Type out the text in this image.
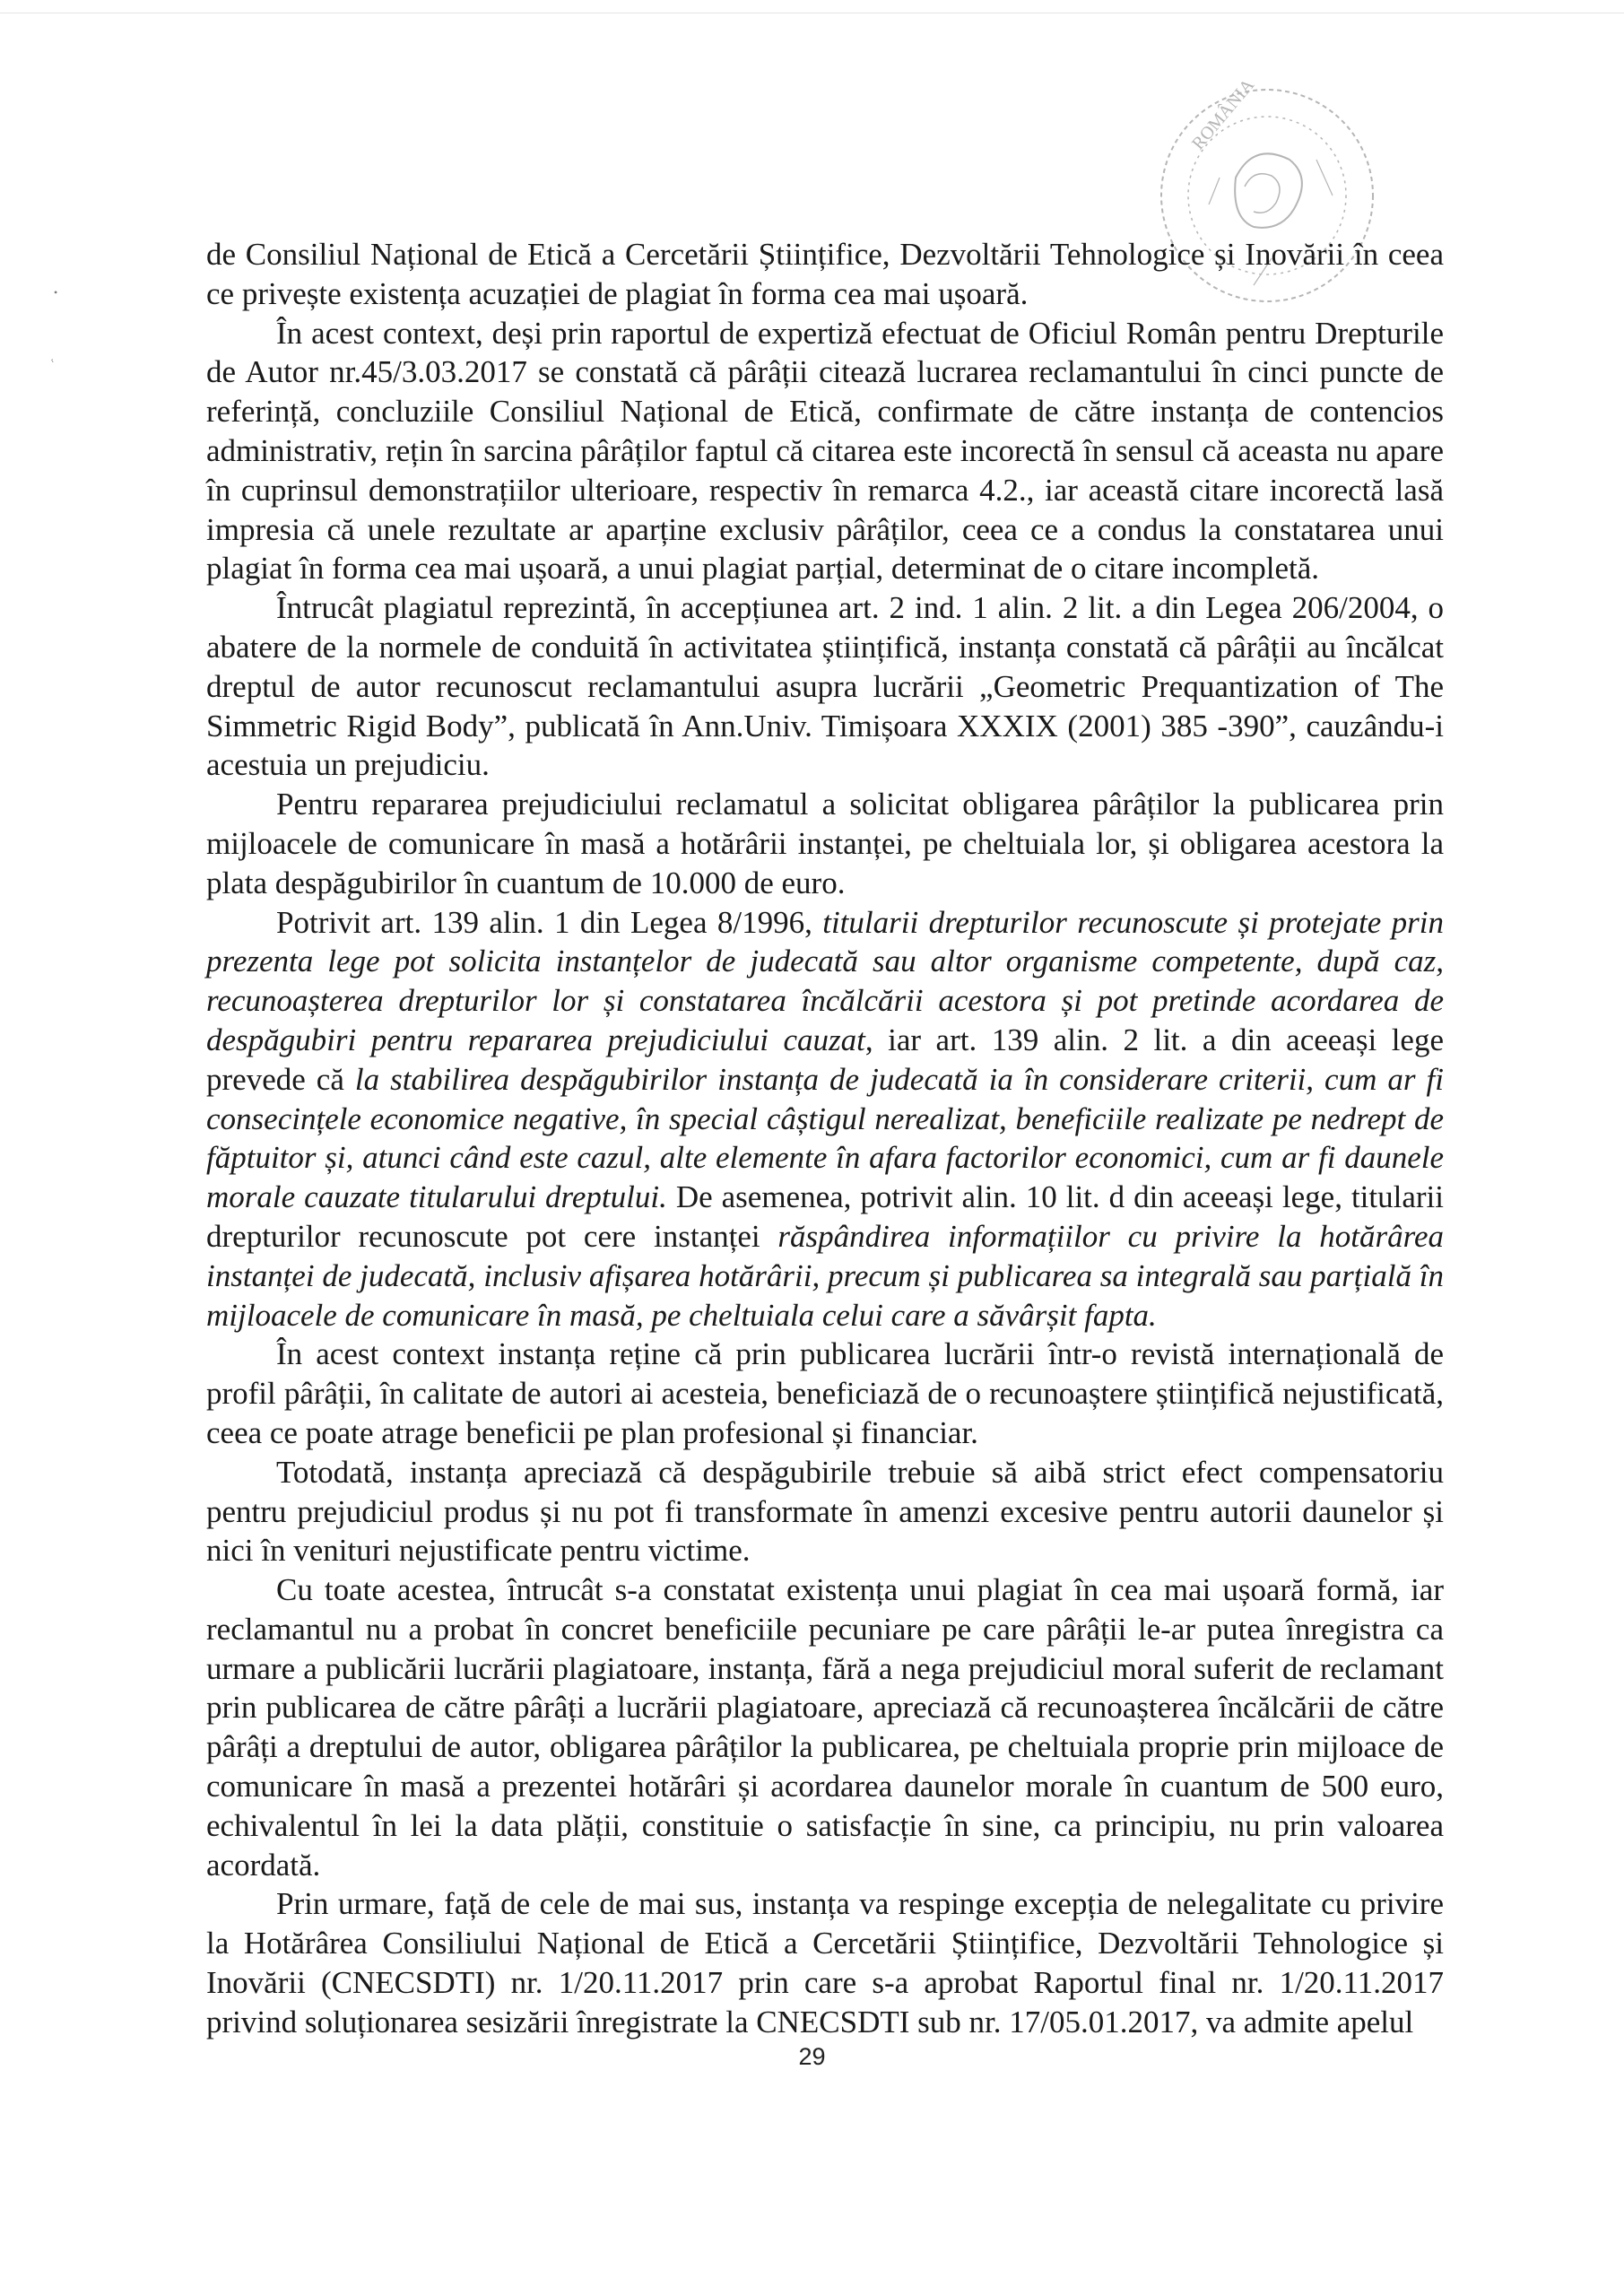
•
ʳ
ROMÂNIA

de Consiliul Național de Etică a Cercetării Științifice, Dezvoltării Tehnologice și Inovării în ceea ce privește existența acuzației de plagiat în forma cea mai ușoară.

În acest context, deși prin raportul de expertiză efectuat de Oficiul Român pentru Drepturile de Autor nr.45/3.03.2017 se constată că pârâții citează lucrarea reclamantului în cinci puncte de referință, concluziile Consiliul Național de Etică, confirmate de către instanța de contencios administrativ, rețin în sarcina pârâților faptul că citarea este incorectă în sensul că aceasta nu apare în cuprinsul demonstrațiilor ulterioare, respectiv în remarca 4.2., iar această citare incorectă lasă impresia că unele rezultate ar aparține exclusiv pârâților, ceea ce a condus la constatarea unui plagiat în forma cea mai ușoară, a unui plagiat parțial, determinat de o citare incompletă.

Întrucât plagiatul reprezintă, în accepțiunea art. 2 ind. 1 alin. 2 lit. a din Legea 206/2004, o abatere de la normele de conduită în activitatea științifică, instanța constată că pârâții au încălcat dreptul de autor recunoscut reclamantului asupra lucrării „Geometric Prequantization of The Simmetric Rigid Body”, publicată în Ann.Univ. Timișoara XXXIX (2001) 385 -390”, cauzându-i acestuia un prejudiciu.

Pentru repararea prejudiciului reclamatul a solicitat obligarea pârâților la publicarea prin mijloacele de comunicare în masă a hotărârii instanței, pe cheltuiala lor, și obligarea acestora la plata despăgubirilor în cuantum de 10.000 de euro.

Potrivit art. 139 alin. 1 din Legea 8/1996, titularii drepturilor recunoscute și protejate prin prezenta lege pot solicita instanțelor de judecată sau altor organisme competente, după caz, recunoașterea drepturilor lor și constatarea încălcării acestora și pot pretinde acordarea de despăgubiri pentru repararea prejudiciului cauzat, iar art. 139 alin. 2 lit. a din aceeași lege prevede că la stabilirea despăgubirilor instanța de judecată ia în considerare criterii, cum ar fi consecințele economice negative, în special câștigul nerealizat, beneficiile realizate pe nedrept de făptuitor și, atunci când este cazul, alte elemente în afara factorilor economici, cum ar fi daunele morale cauzate titularului dreptului. De asemenea, potrivit alin. 10 lit. d din aceeași lege, titularii drepturilor recunoscute pot cere instanței răspândirea informațiilor cu privire la hotărârea instanței de judecată, inclusiv afișarea hotărârii, precum și publicarea sa integrală sau parțială în mijloacele de comunicare în masă, pe cheltuiala celui care a săvârșit fapta.

În acest context instanța reține că prin publicarea lucrării într-o revistă internațională de profil pârâții, în calitate de autori ai acesteia, beneficiază de o recunoaștere științifică nejustificată, ceea ce poate atrage beneficii pe plan profesional și financiar.

Totodată, instanța apreciază că despăgubirile trebuie să aibă strict efect compensatoriu pentru prejudiciul produs și nu pot fi transformate în amenzi excesive pentru autorii daunelor și nici în venituri nejustificate pentru victime.

Cu toate acestea, întrucât s-a constatat existența unui plagiat în cea mai ușoară formă, iar reclamantul nu a probat în concret beneficiile pecuniare pe care pârâții le-ar putea înregistra ca urmare a publicării lucrării plagiatoare, instanța, fără a nega prejudiciul moral suferit de reclamant prin publicarea de către pârâți a lucrării plagiatoare, apreciază că recunoașterea încălcării de către pârâți a dreptului de autor, obligarea pârâților la publicarea, pe cheltuiala proprie prin mijloace de comunicare în masă a prezentei hotărâri și acordarea daunelor morale în cuantum de 500 euro, echivalentul în lei la data plății, constituie o satisfacție în sine, ca principiu, nu prin valoarea acordată.

Prin urmare, față de cele de mai sus, instanța va respinge excepția de nelegalitate cu privire la Hotărârea Consiliului Național de Etică a Cercetării Științifice, Dezvoltării Tehnologice și Inovării (CNECSDTI) nr. 1/20.11.2017 prin care s-a aprobat Raportul final nr. 1/20.11.2017 privind soluționarea sesizării înregistrate la CNECSDTI sub nr. 17/05.01.2017, va admite apelul

29
